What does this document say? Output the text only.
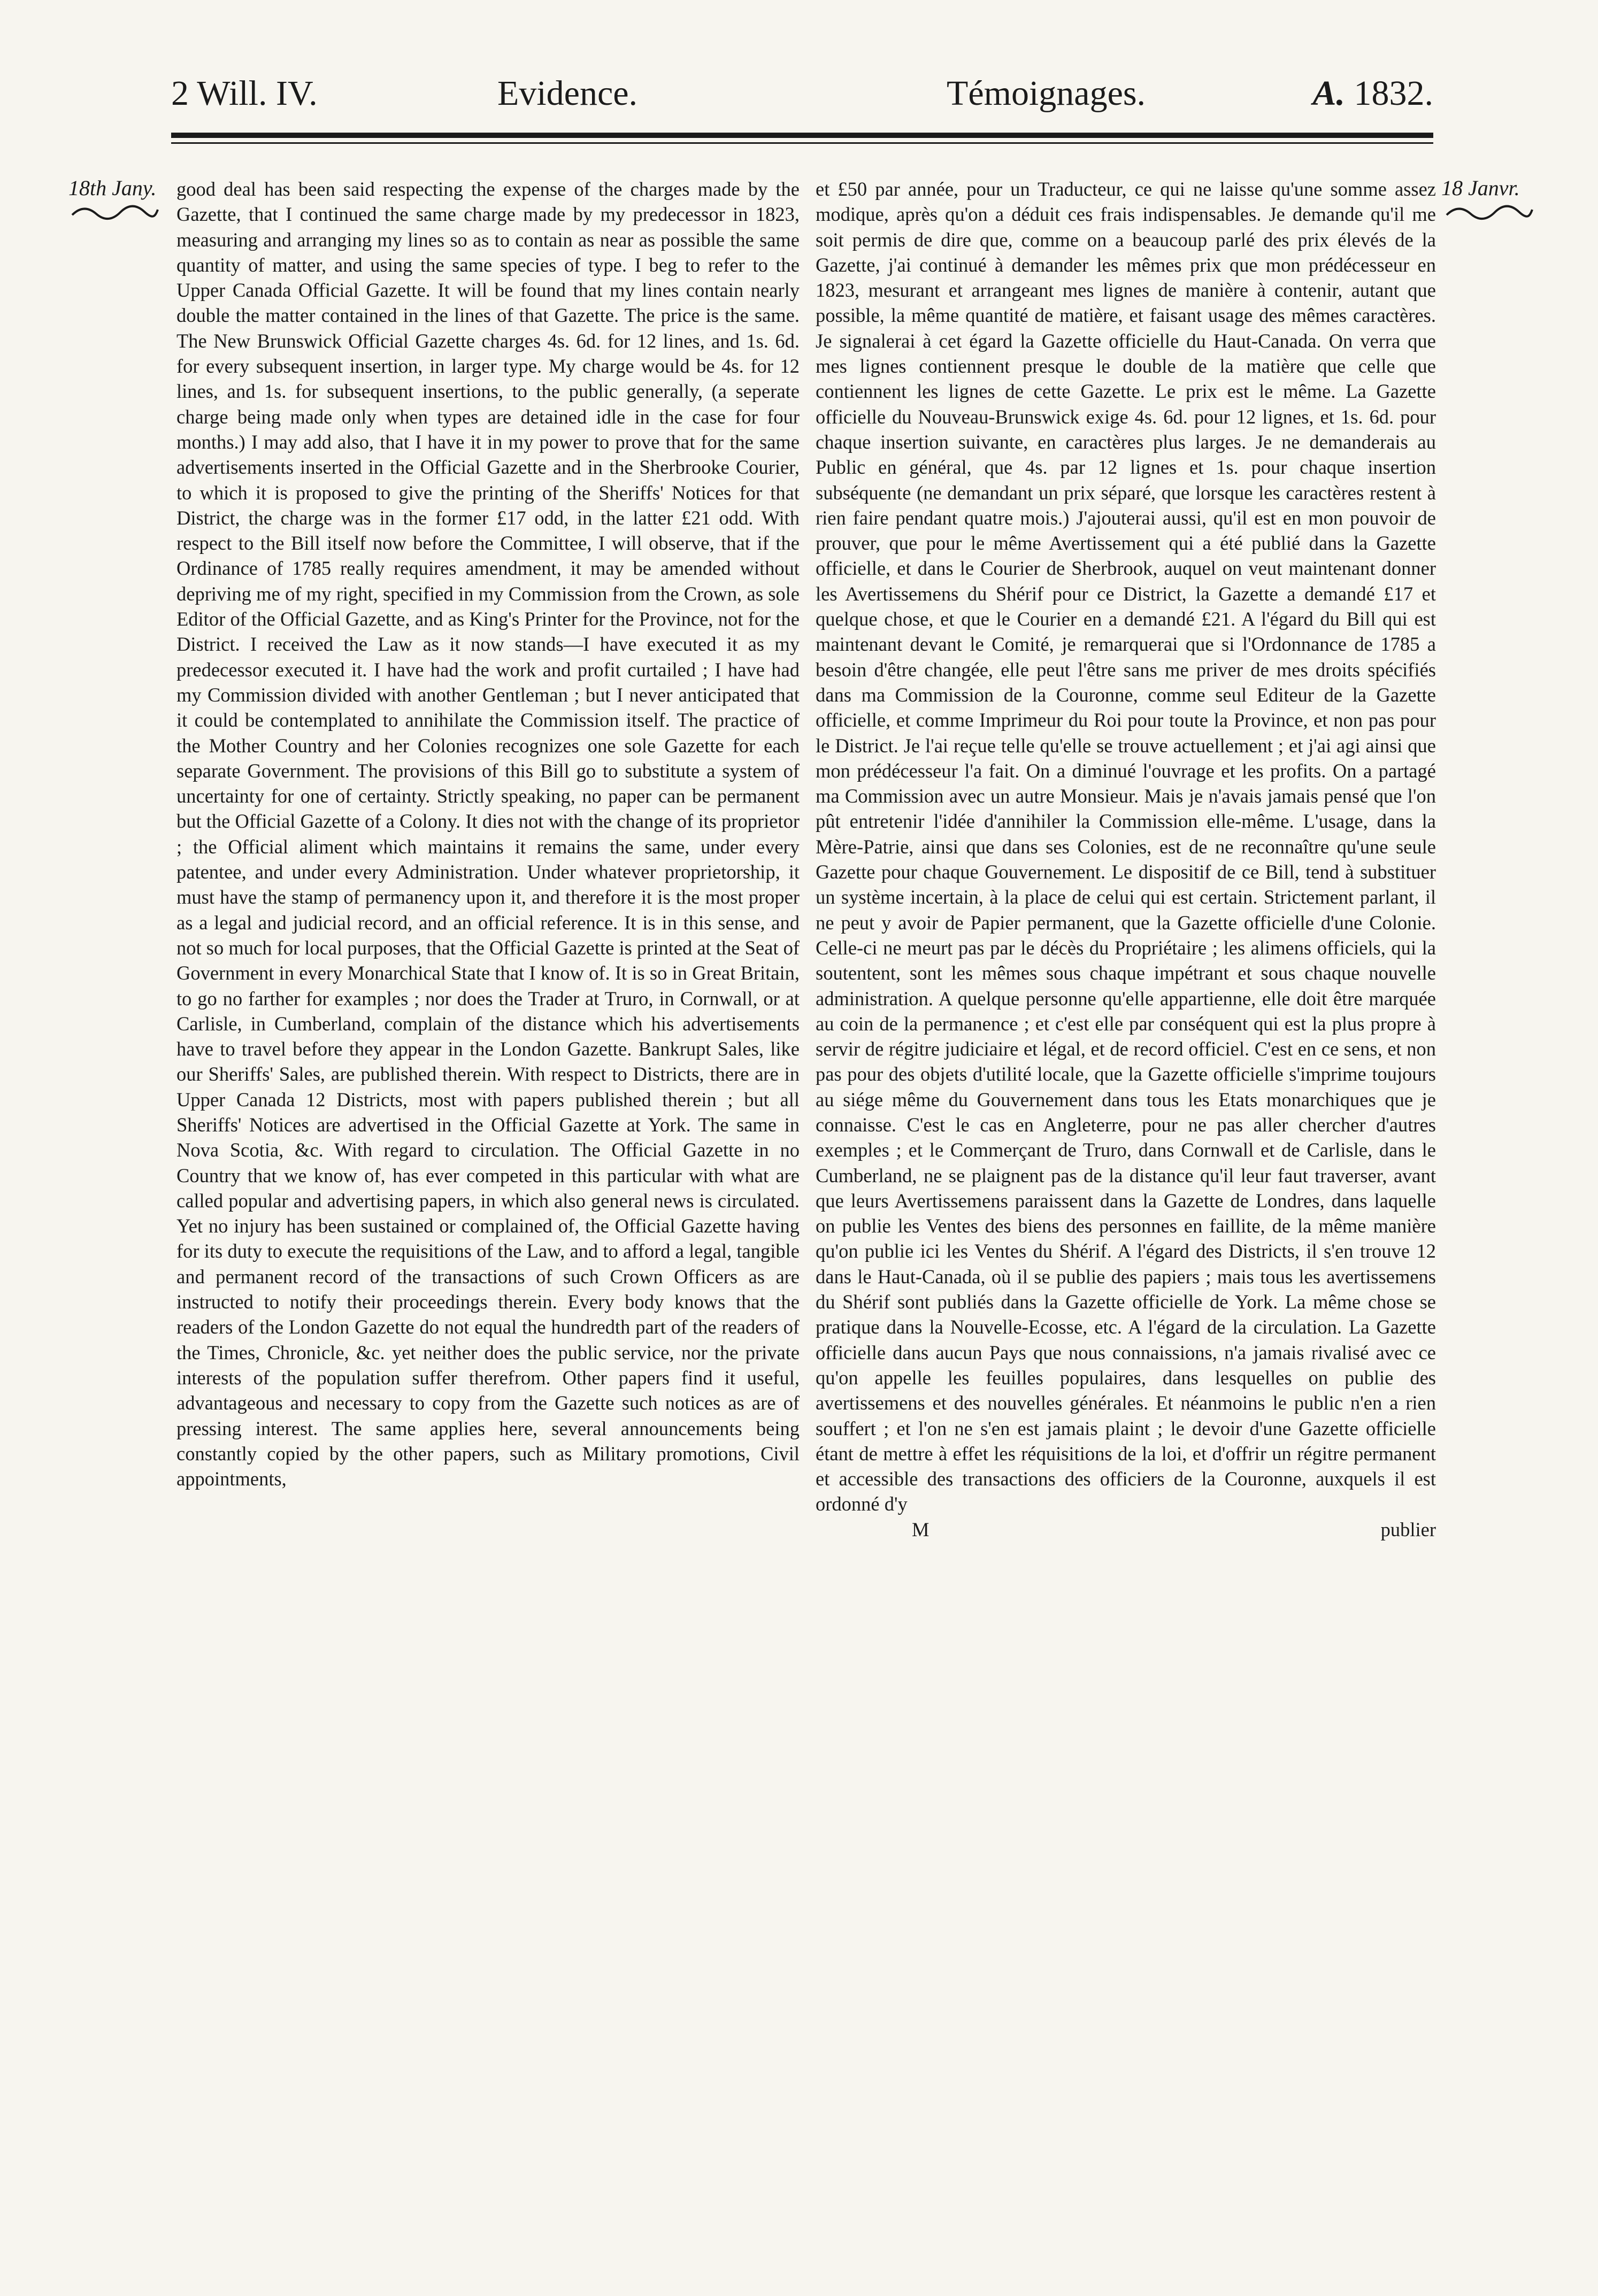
2 Will. IV.	Evidence.	Témoignages.	A. 1832.
18th Jany.	18 Janvr.

good deal has been said respecting the expense of the charges made by the Gazette, that I continued the same charge made by my predecessor in 1823, measuring and arranging my lines so as to contain as near as possible the same quantity of matter, and using the same species of type. I beg to refer to the Upper Canada Official Gazette. It will be found that my lines contain nearly double the matter contained in the lines of that Gazette. The price is the same. The New Brunswick Official Gazette charges 4s. 6d. for 12 lines, and 1s. 6d. for every subsequent insertion, in larger type. My charge would be 4s. for 12 lines, and 1s. for subsequent insertions, to the public generally, (a seperate charge being made only when types are detained idle in the case for four months.) I may add also, that I have it in my power to prove that for the same advertisements inserted in the Official Gazette and in the Sherbrooke Courier, to which it is proposed to give the printing of the Sheriffs' Notices for that District, the charge was in the former £17 odd, in the latter £21 odd. With respect to the Bill itself now before the Committee, I will observe, that if the Ordinance of 1785 really requires amendment, it may be amended without depriving me of my right, specified in my Commission from the Crown, as sole Editor of the Official Gazette, and as King's Printer for the Province, not for the District. I received the Law as it now stands—I have executed it as my predecessor executed it. I have had the work and profit curtailed ; I have had my Commission divided with another Gentleman ; but I never anticipated that it could be contemplated to annihilate the Commission itself. The practice of the Mother Country and her Colonies recognizes one sole Gazette for each separate Government. The provisions of this Bill go to substitute a system of uncertainty for one of certainty. Strictly speaking, no paper can be permanent but the Official Gazette of a Colony. It dies not with the change of its proprietor ; the Official aliment which maintains it remains the same, under every patentee, and under every Administration. Under whatever proprietorship, it must have the stamp of permanency upon it, and therefore it is the most proper as a legal and judicial record, and an official reference. It is in this sense, and not so much for local purposes, that the Official Gazette is printed at the Seat of Government in every Monarchical State that I know of. It is so in Great Britain, to go no farther for examples ; nor does the Trader at Truro, in Cornwall, or at Carlisle, in Cumberland, complain of the distance which his advertisements have to travel before they appear in the London Gazette. Bankrupt Sales, like our Sheriffs' Sales, are published therein. With respect to Districts, there are in Upper Canada 12 Districts, most with papers published therein ; but all Sheriffs' Notices are advertised in the Official Gazette at York. The same in Nova Scotia, &c. With regard to circulation. The Official Gazette in no Country that we know of, has ever competed in this particular with what are called popular and advertising papers, in which also general news is circulated. Yet no injury has been sustained or complained of, the Official Gazette having for its duty to execute the requisitions of the Law, and to afford a legal, tangible and permanent record of the transactions of such Crown Officers as are instructed to notify their proceedings therein. Every body knows that the readers of the London Gazette do not equal the hundredth part of the readers of the Times, Chronicle, &c. yet neither does the public service, nor the private interests of the population suffer therefrom. Other papers find it useful, advantageous and necessary to copy from the Gazette such notices as are of pressing interest. The same applies here, several announcements being constantly copied by the other papers, such as Military promotions, Civil appointments,

et £50 par année, pour un Traducteur, ce qui ne laisse qu'une somme assez modique, après qu'on a déduit ces frais indispensables. Je demande qu'il me soit permis de dire que, comme on a beaucoup parlé des prix élevés de la Gazette, j'ai continué à demander les mêmes prix que mon prédécesseur en 1823, mesurant et arrangeant mes lignes de manière à contenir, autant que possible, la même quantité de matière, et faisant usage des mêmes caractères. Je signalerai à cet égard la Gazette officielle du Haut-Canada. On verra que mes lignes contiennent presque le double de la matière que celle que contiennent les lignes de cette Gazette. Le prix est le même. La Gazette officielle du Nouveau-Brunswick exige 4s. 6d. pour 12 lignes, et 1s. 6d. pour chaque insertion suivante, en caractères plus larges. Je ne demanderais au Public en général, que 4s. par 12 lignes et 1s. pour chaque insertion subséquente (ne demandant un prix séparé, que lorsque les caractères restent à rien faire pendant quatre mois.) J'ajouterai aussi, qu'il est en mon pouvoir de prouver, que pour le même Avertissement qui a été publié dans la Gazette officielle, et dans le Courier de Sherbrook, auquel on veut maintenant donner les Avertissemens du Shérif pour ce District, la Gazette a demandé £17 et quelque chose, et que le Courier en a demandé £21. A l'égard du Bill qui est maintenant devant le Comité, je remarquerai que si l'Ordonnance de 1785 a besoin d'être changée, elle peut l'être sans me priver de mes droits spécifiés dans ma Commission de la Couronne, comme seul Editeur de la Gazette officielle, et comme Imprimeur du Roi pour toute la Province, et non pas pour le District. Je l'ai reçue telle qu'elle se trouve actuellement ; et j'ai agi ainsi que mon prédécesseur l'a fait. On a diminué l'ouvrage et les profits. On a partagé ma Commission avec un autre Monsieur. Mais je n'avais jamais pensé que l'on pût entretenir l'idée d'annihiler la Commission elle-même. L'usage, dans la Mère-Patrie, ainsi que dans ses Colonies, est de ne reconnaître qu'une seule Gazette pour chaque Gouvernement. Le dispositif de ce Bill, tend à substituer un système incertain, à la place de celui qui est certain. Strictement parlant, il ne peut y avoir de Papier permanent, que la Gazette officielle d'une Colonie. Celle-ci ne meurt pas par le décès du Propriétaire ; les alimens officiels, qui la soutentent, sont les mêmes sous chaque impétrant et sous chaque nouvelle administration. A quelque personne qu'elle appartienne, elle doit être marquée au coin de la permanence ; et c'est elle par conséquent qui est la plus propre à servir de régitre judiciaire et légal, et de record officiel. C'est en ce sens, et non pas pour des objets d'utilité locale, que la Gazette officielle s'imprime toujours au siége même du Gouvernement dans tous les Etats monarchiques que je connaisse. C'est le cas en Angleterre, pour ne pas aller chercher d'autres exemples ; et le Commerçant de Truro, dans Cornwall et de Carlisle, dans le Cumberland, ne se plaignent pas de la distance qu'il leur faut traverser, avant que leurs Avertissemens paraissent dans la Gazette de Londres, dans laquelle on publie les Ventes des biens des personnes en faillite, de la même manière qu'on publie ici les Ventes du Shérif. A l'égard des Districts, il s'en trouve 12 dans le Haut-Canada, où il se publie des papiers ; mais tous les avertissemens du Shérif sont publiés dans la Gazette officielle de York. La même chose se pratique dans la Nouvelle-Ecosse, etc. A l'égard de la circulation. La Gazette officielle dans aucun Pays que nous connaissions, n'a jamais rivalisé avec ce qu'on appelle les feuilles populaires, dans lesquelles on publie des avertissemens et des nouvelles générales. Et néanmoins le public n'en a rien souffert ; et l'on ne s'en est jamais plaint ; le devoir d'une Gazette officielle étant de mettre à effet les réquisitions de la loi, et d'offrir un régitre permanent et accessible des transactions des officiers de la Couronne, auxquels il est ordonné d'y

M	publier
